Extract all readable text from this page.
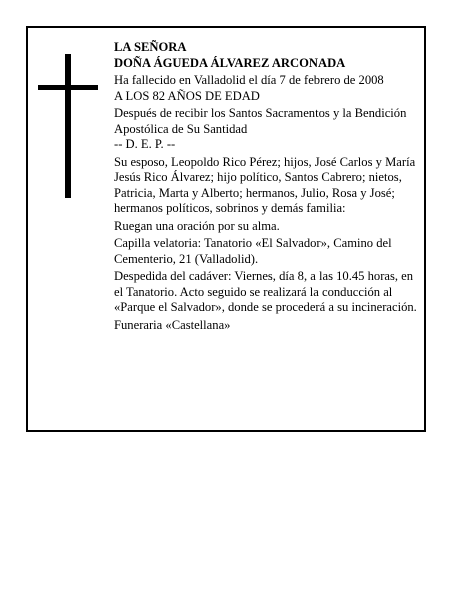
LA SEÑORA

DOÑA ÁGUEDA ÁLVAREZ ARCONADA

Ha fallecido en Valladolid el día 7 de febrero de 2008

A LOS 82 AÑOS DE EDAD

Después de recibir los Santos Sacramentos y la Bendición Apostólica de Su Santidad

-- D. E. P. --

Su esposo, Leopoldo Rico Pérez; hijos, José Carlos y María Jesús Rico Álvarez; hijo político, Santos Cabrero; nietos, Patricia, Marta y Alberto; hermanos, Julio, Rosa y José; hermanos políticos, sobrinos y demás familia:

Ruegan una oración por su alma.

Capilla velatoria: Tanatorio «El Salvador», Camino del Cementerio, 21 (Valladolid).

Despedida del cadáver: Viernes, día 8, a las 10.45 horas, en el Tanatorio. Acto seguido se realizará la conducción al «Parque el Salvador», donde se procederá a su incineración.

Funeraria «Castellana»
